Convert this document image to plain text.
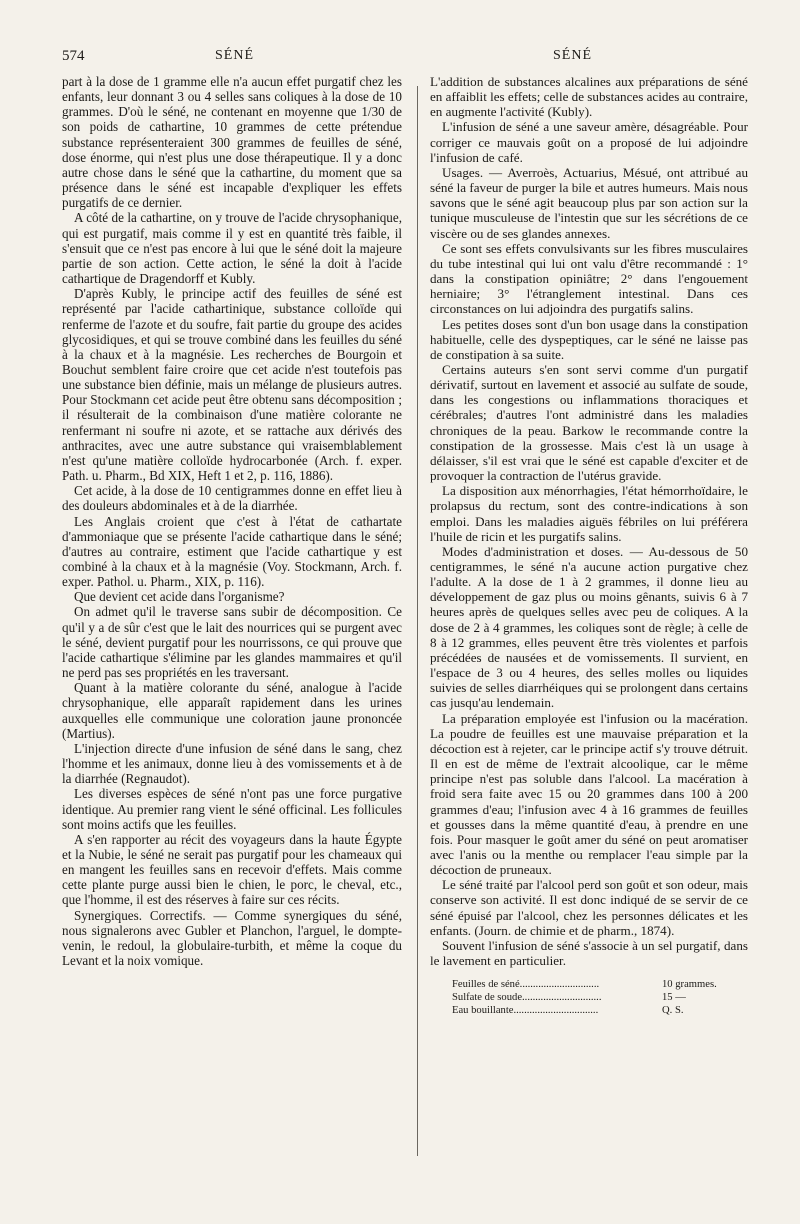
574	SÉNÉ	SÉNÉ

part à la dose de 1 gramme elle n'a aucun effet purgatif chez les enfants, leur donnant 3 ou 4 selles sans coliques à la dose de 10 grammes. D'où le séné, ne contenant en moyenne que 1/30 de son poids de cathartine, 10 grammes de cette prétendue substance représenteraient 300 grammes de feuilles de séné, dose énorme, qui n'est plus une dose thérapeutique. Il y a donc autre chose dans le séné que la cathartine, du moment que sa présence dans le séné est incapable d'expliquer les effets purgatifs de ce dernier.

A côté de la cathartine, on y trouve de l'acide chrysophanique, qui est purgatif, mais comme il y est en quantité très faible, il s'ensuit que ce n'est pas encore à lui que le séné doit la majeure partie de son action. Cette action, le séné la doit à l'acide cathartique de Dragendorff et Kubly.

D'après Kubly, le principe actif des feuilles de séné est représenté par l'acide cathartinique, substance colloïde qui renferme de l'azote et du soufre, fait partie du groupe des acides glycosidiques, et qui se trouve combiné dans les feuilles du séné à la chaux et à la magnésie. Les recherches de Bourgoin et Bouchut semblent faire croire que cet acide n'est toutefois pas une substance bien définie, mais un mélange de plusieurs autres. Pour Stockmann cet acide peut être obtenu sans décomposition ; il résulterait de la combinaison d'une matière colorante ne renfermant ni soufre ni azote, et se rattache aux dérivés des anthracites, avec une autre substance qui vraisemblablement n'est qu'une matière colloïde hydrocarbonée (Arch. f. exper. Path. u. Pharm., Bd XIX, Heft 1 et 2, p. 116, 1886).

Cet acide, à la dose de 10 centigrammes donne en effet lieu à des douleurs abdominales et à de la diarrhée.

Les Anglais croient que c'est à l'état de cathartate d'ammoniaque que se présente l'acide cathartique dans le séné; d'autres au contraire, estiment que l'acide cathartique y est combiné à la chaux et à la magnésie (Voy. Stockmann, Arch. f. exper. Pathol. u. Pharm., XIX, p. 116).

Que devient cet acide dans l'organisme?

On admet qu'il le traverse sans subir de décomposition. Ce qu'il y a de sûr c'est que le lait des nourrices qui se purgent avec le séné, devient purgatif pour les nourrissons, ce qui prouve que l'acide cathartique s'élimine par les glandes mammaires et qu'il ne perd pas ses propriétés en les traversant.

Quant à la matière colorante du séné, analogue à l'acide chrysophanique, elle apparaît rapidement dans les urines auxquelles elle communique une coloration jaune prononcée (Martius).

L'injection directe d'une infusion de séné dans le sang, chez l'homme et les animaux, donne lieu à des vomissements et à de la diarrhée (Regnaudot).

Les diverses espèces de séné n'ont pas une force purgative identique. Au premier rang vient le séné officinal. Les follicules sont moins actifs que les feuilles.

A s'en rapporter au récit des voyageurs dans la haute Égypte et la Nubie, le séné ne serait pas purgatif pour les chameaux qui en mangent les feuilles sans en recevoir d'effets. Mais comme cette plante purge aussi bien le chien, le porc, le cheval, etc., que l'homme, il est des réserves à faire sur ces récits.

Synergiques. Correctifs. — Comme synergiques du séné, nous signalerons avec Gubler et Planchon, l'arguel, le dompte-venin, le redoul, la globulaire-turbith, et même la coque du Levant et la noix vomique.

L'addition de substances alcalines aux préparations de séné en affaiblit les effets; celle de substances acides au contraire, en augmente l'activité (Kubly).

L'infusion de séné a une saveur amère, désagréable. Pour corriger ce mauvais goût on a proposé de lui adjoindre l'infusion de café.

Usages. — Averroès, Actuarius, Mésué, ont attribué au séné la faveur de purger la bile et autres humeurs. Mais nous savons que le séné agit beaucoup plus par son action sur la tunique musculeuse de l'intestin que sur les sécrétions de ce viscère ou de ses glandes annexes.

Ce sont ses effets convulsivants sur les fibres musculaires du tube intestinal qui lui ont valu d'être recommandé : 1° dans la constipation opiniâtre; 2° dans l'engouement herniaire; 3° l'étranglement intestinal. Dans ces circonstances on lui adjoindra des purgatifs salins.

Les petites doses sont d'un bon usage dans la constipation habituelle, celle des dyspeptiques, car le séné ne laisse pas de constipation à sa suite.

Certains auteurs s'en sont servi comme d'un purgatif dérivatif, surtout en lavement et associé au sulfate de soude, dans les congestions ou inflammations thoraciques et cérébrales; d'autres l'ont administré dans les maladies chroniques de la peau. Barkow le recommande contre la constipation de la grossesse. Mais c'est là un usage à délaisser, s'il est vrai que le séné est capable d'exciter et de provoquer la contraction de l'utérus gravide.

La disposition aux ménorrhagies, l'état hémorrhoïdaire, le prolapsus du rectum, sont des contre-indications à son emploi. Dans les maladies aiguës fébriles on lui préférera l'huile de ricin et les purgatifs salins.

Modes d'administration et doses. — Au-dessous de 50 centigrammes, le séné n'a aucune action purgative chez l'adulte. A la dose de 1 à 2 grammes, il donne lieu au développement de gaz plus ou moins gênants, suivis 6 à 7 heures après de quelques selles avec peu de coliques. A la dose de 2 à 4 grammes, les coliques sont de règle; à celle de 8 à 12 grammes, elles peuvent être très violentes et parfois précédées de nausées et de vomissements. Il survient, en l'espace de 3 ou 4 heures, des selles molles ou liquides suivies de selles diarrhéiques qui se prolongent dans certains cas jusqu'au lendemain.

La préparation employée est l'infusion ou la macération. La poudre de feuilles est une mauvaise préparation et la décoction est à rejeter, car le principe actif s'y trouve détruit. Il en est de même de l'extrait alcoolique, car le même principe n'est pas soluble dans l'alcool. La macération à froid sera faite avec 15 ou 20 grammes dans 100 à 200 grammes d'eau; l'infusion avec 4 à 16 grammes de feuilles et gousses dans la même quantité d'eau, à prendre en une fois. Pour masquer le goût amer du séné on peut aromatiser avec l'anis ou la menthe ou remplacer l'eau simple par la décoction de pruneaux.

Le séné traité par l'alcool perd son goût et son odeur, mais conserve son activité. Il est donc indiqué de se servir de ce séné épuisé par l'alcool, chez les personnes délicates et les enfants. (Journ. de chimie et de pharm., 1874).

Souvent l'infusion de séné s'associe à un sel purgatif, dans le lavement en particulier.

Feuilles de séné..............................	10 grammes.
Sulfate de soude..............................	15 —
Eau bouillante................................	Q. S.
